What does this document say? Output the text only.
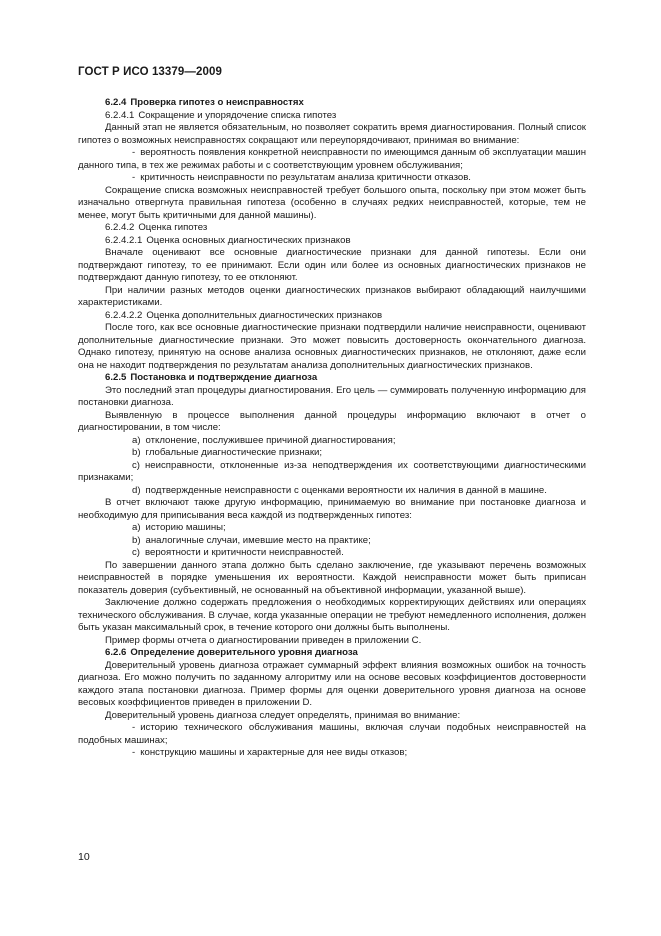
ГОСТ Р ИСО 13379—2009

6.2.4 Проверка гипотез о неисправностях

6.2.4.1 Сокращение и упорядочение списка гипотез

Данный этап не является обязательным, но позволяет сократить время диагностирования. Полный список гипотез о возможных неисправностях сокращают или переупорядочивают, принимая во внимание:

- вероятность появления конкретной неисправности по имеющимся данным об эксплуатации машин данного типа, в тех же режимах работы и с соответствующим уровнем обслуживания;

- критичность неисправности по результатам анализа критичности отказов.

Сокращение списка возможных неисправностей требует большого опыта, поскольку при этом может быть изначально отвергнута правильная гипотеза (особенно в случаях редких неисправностей, которые, тем не менее, могут быть критичными для данной машины).

6.2.4.2 Оценка гипотез

6.2.4.2.1 Оценка основных диагностических признаков

Вначале оценивают все основные диагностические признаки для данной гипотезы. Если они подтверждают гипотезу, то ее принимают. Если один или более из основных диагностических признаков не подтверждают данную гипотезу, то ее отклоняют.

При наличии разных методов оценки диагностических признаков выбирают обладающий наилучшими характеристиками.

6.2.4.2.2 Оценка дополнительных диагностических признаков

После того, как все основные диагностические признаки подтвердили наличие неисправности, оценивают дополнительные диагностические признаки. Это может повысить достоверность окончательного диагноза. Однако гипотезу, принятую на основе анализа основных диагностических признаков, не отклоняют, даже если она не находит подтверждения по результатам анализа дополнительных диагностических признаков.

6.2.5 Постановка и подтверждение диагноза

Это последний этап процедуры диагностирования. Его цель — суммировать полученную информацию для постановки диагноза.

Выявленную в процессе выполнения данной процедуры информацию включают в отчет о диагностировании, в том числе:

a) отклонение, послужившее причиной диагностирования;

b) глобальные диагностические признаки;

c) неисправности, отклоненные из-за неподтверждения их соответствующими диагностическими признаками;

d) подтвержденные неисправности с оценками вероятности их наличия в данной в машине.

В отчет включают также другую информацию, принимаемую во внимание при постановке диагноза и необходимую для приписывания веса каждой из подтвержденных гипотез:

a) историю машины;

b) аналогичные случаи, имевшие место на практике;

c) вероятности и критичности неисправностей.

По завершении данного этапа должно быть сделано заключение, где указывают перечень возможных неисправностей в порядке уменьшения их вероятности. Каждой неисправности может быть приписан показатель доверия (субъективный, не основанный на объективной информации, указанной выше).

Заключение должно содержать предложения о необходимых корректирующих действиях или операциях технического обслуживания. В случае, когда указанные операции не требуют немедленного исполнения, должен быть указан максимальный срок, в течение которого они должны быть выполнены.

Пример формы отчета о диагностировании приведен в приложении С.

6.2.6 Определение доверительного уровня диагноза

Доверительный уровень диагноза отражает суммарный эффект влияния возможных ошибок на точность диагноза. Его можно получить по заданному алгоритму или на основе весовых коэффициентов достоверности каждого этапа постановки диагноза. Пример формы для оценки доверительного уровня диагноза на основе весовых коэффициентов приведен в приложении D.

Доверительный уровень диагноза следует определять, принимая во внимание:

- историю технического обслуживания машины, включая случаи подобных неисправностей на подобных машинах;

- конструкцию машины и характерные для нее виды отказов;

10
